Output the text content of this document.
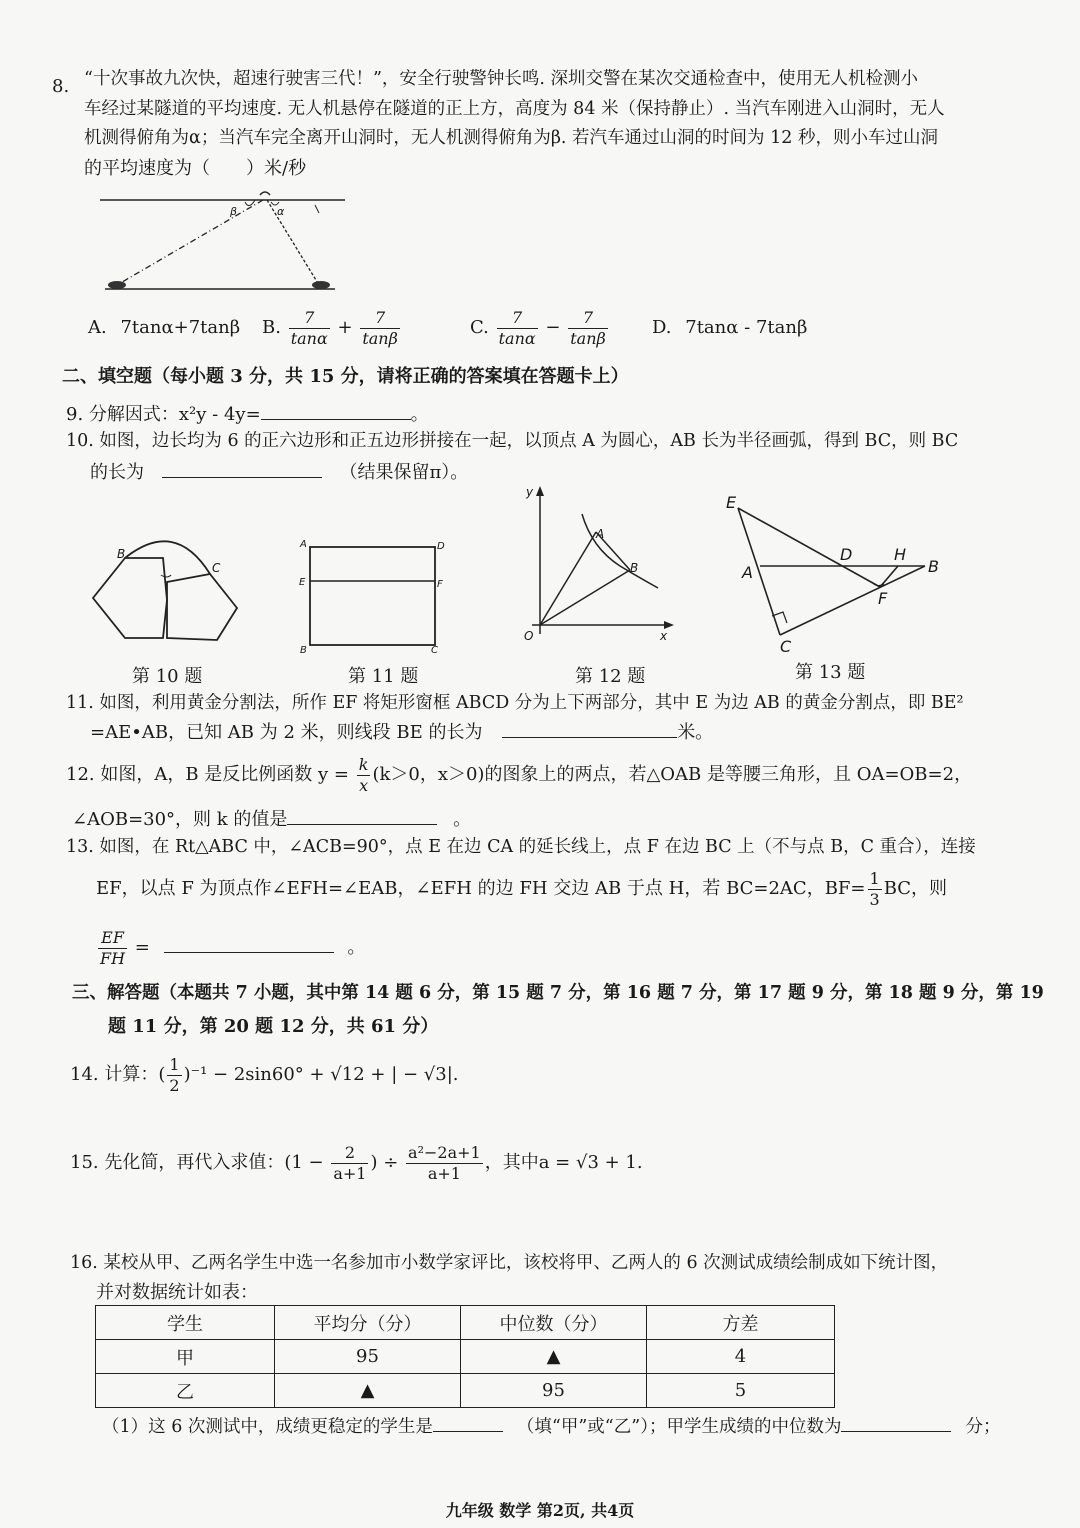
8. “十次事故九次快，超速行驶害三代！”，安全行驶警钟长鸣. 深圳交警在某次交通检查中，使用无人机检测小
车经过某隧道的平均速度. 无人机悬停在隧道的正上方，高度为 84 米（保持静止）. 当汽车刚进入山洞时，无人
机测得俯角为α；当汽车完全离开山洞时，无人机测得俯角为β. 若汽车通过山洞的时间为 12 秒，则小车过山洞
的平均速度为（　　）米/秒
β	α
A. 7tanα+7tanβ B. $\frac{7}{\tan\alpha} + \frac{7}{\tan\beta}$	C. $\frac{7}{\tan\alpha} - \frac{7}{\tan\beta} D$. 7tanα - 7tanβ
二、填空题（每小题 3 分，共 15 分，请将正确的答案填在答题卡上）
9. 分解因式：x²y - 4y=	。
10. 如图，边长均为 6 的正六边形和正五边形拼接在一起，以顶点 A 为圆心，AB 长为半径画弧，得到 BC，则 BC
的长为	（结果保留π）。
B
C
第 10 题
A	D
E	F
B	C
第 11 题
y
x
O
A
B
第 12 题
E
A
D	H
B
F
C
第 13 题
11. 如图，利用黄金分割法，所作 EF 将矩形窗框 ABCD 分为上下两部分，其中 E 为边 AB 的黄金分割点，即 BE²
=AE•AB，已知 AB 为 2 米，则线段 BE 的长为	米。
12. 如图，A，B 是反比例函数 $y = \frac{k}{x} (k>0$，x＞0)的图象上的两点，若△OAB 是等腰三角形，且 OA=OB=2，
∠AOB=30°，则 k 的值是	。
13. 如图，在 Rt△ABC 中，∠ACB=90°，点 E 在边 CA 的延长线上，点 F 在边 BC 上（不与点 B，C 重合），连接
EF，以点 F 为顶点作∠EFH=∠EAB，∠EFH 的边 FH 交边 AB 于点 H，若 BC=2AC，$BF= \frac{1}{3}$ BC，则
$\frac{EF}{FH}$ =	。
三、解答题（本题共 7 小题，其中第 14 题 6 分，第 15 题 7 分，第 16 题 7 分，第 17 题 9 分，第 18 题 9 分，第 19
题 11 分，第 20 题 12 分，共 61 分）
14. 计算：( $\frac{1}{2} )^{-1} - 2\sin 60^\circ + √12$ + | − √3|.
15. 先化简，再代入求值：($1 - \frac{2}{a+1}$ ) ÷ $\frac{\text{a²−2a+1}}{a+1}$ ，其中a = √3 + 1.
16. 某校从甲、乙两名学生中选一名参加市小数学家评比，该校将甲、乙两人的 6 次测试成绩绘制成如下统计图，
并对数据统计如表：
学生	平均分（分）	中位数（分）	方差
甲	95	▲	4
乙	▲	95	5
（1）这 6 次测试中，成绩更稳定的学生是	（填“甲”或“乙”）；甲学生成绩的中位数为	分；
九年级 数学 第2页, 共4页
